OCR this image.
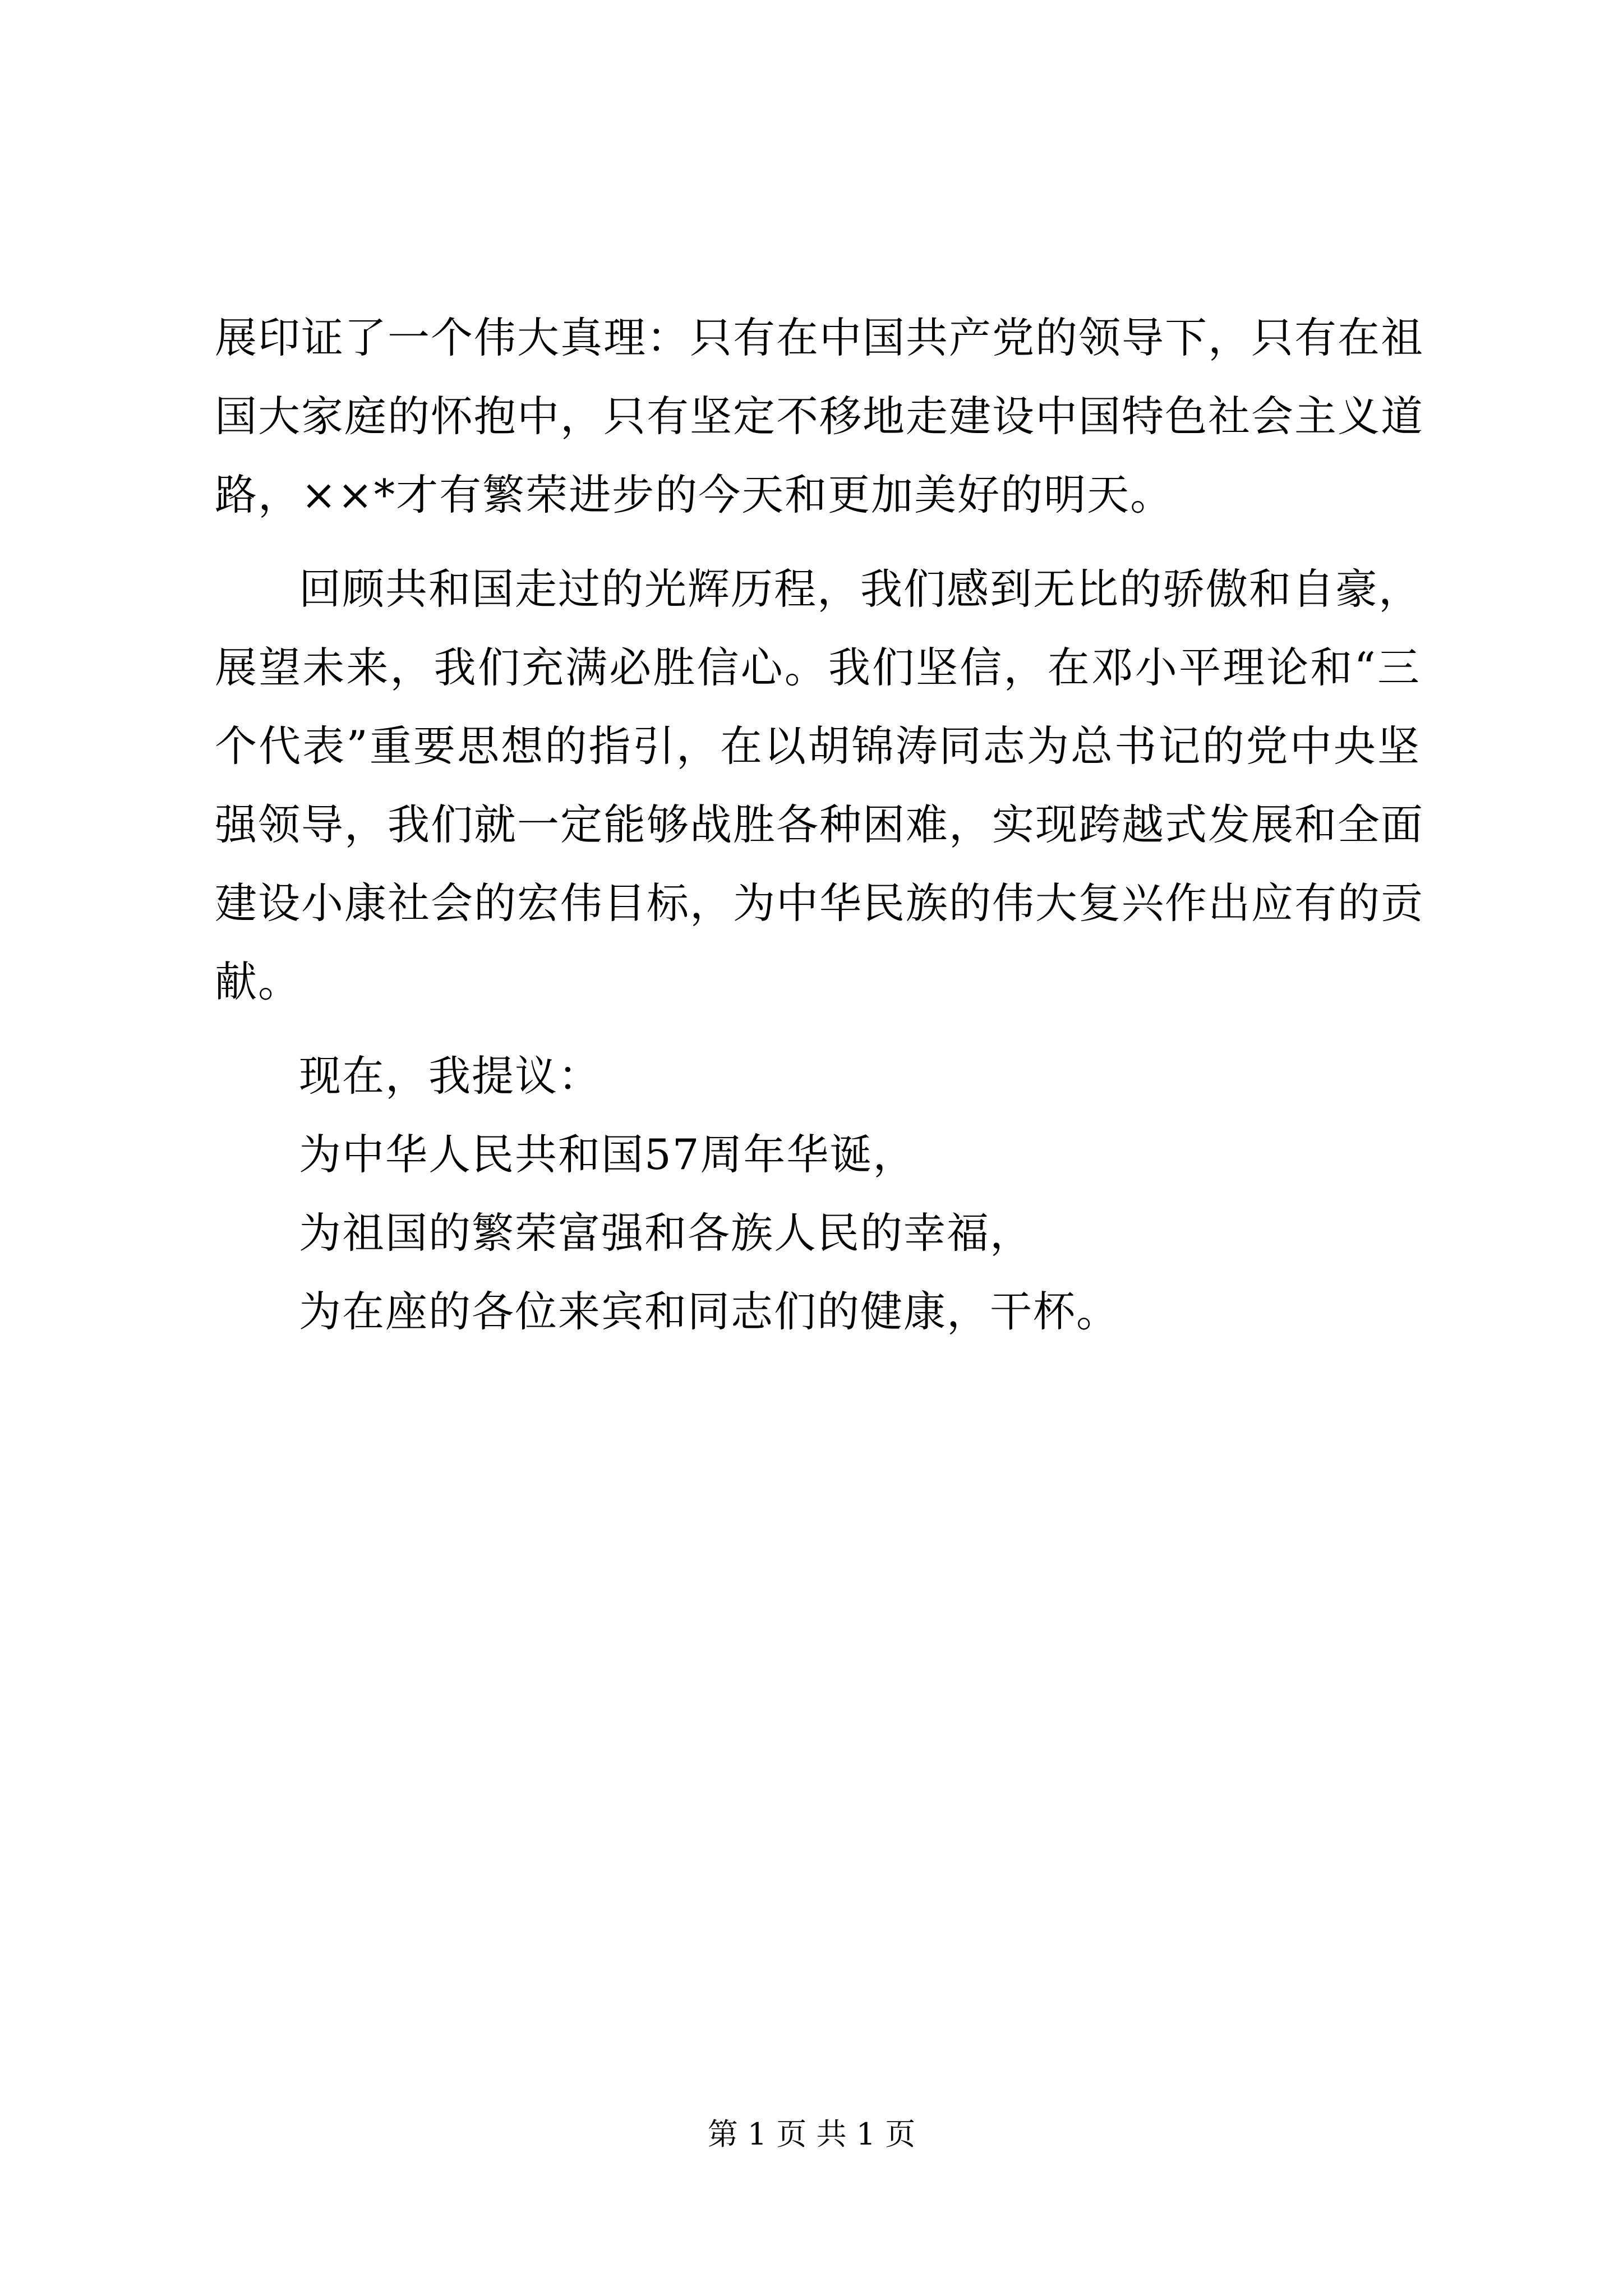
展印证了一个伟大真理：只有在中国共产党的领导下，只有在祖
国大家庭的怀抱中，只有坚定不移地走建设中国特色社会主义道
路，××*才有繁荣进步的今天和更加美好的明天。
回顾共和国走过的光辉历程，我们感到无比的骄傲和自豪，
展望未来，我们充满必胜信心。我们坚信，在邓小平理论和“三
个代表”重要思想的指引，在以胡锦涛同志为总书记的党中央坚
强领导，我们就一定能够战胜各种困难，实现跨越式发展和全面
建设小康社会的宏伟目标，为中华民族的伟大复兴作出应有的贡
献。
现在，我提议：
为中华人民共和国57周年华诞，
为祖国的繁荣富强和各族人民的幸福，
为在座的各位来宾和同志们的健康，干杯。
第 1 页 共 1 页
